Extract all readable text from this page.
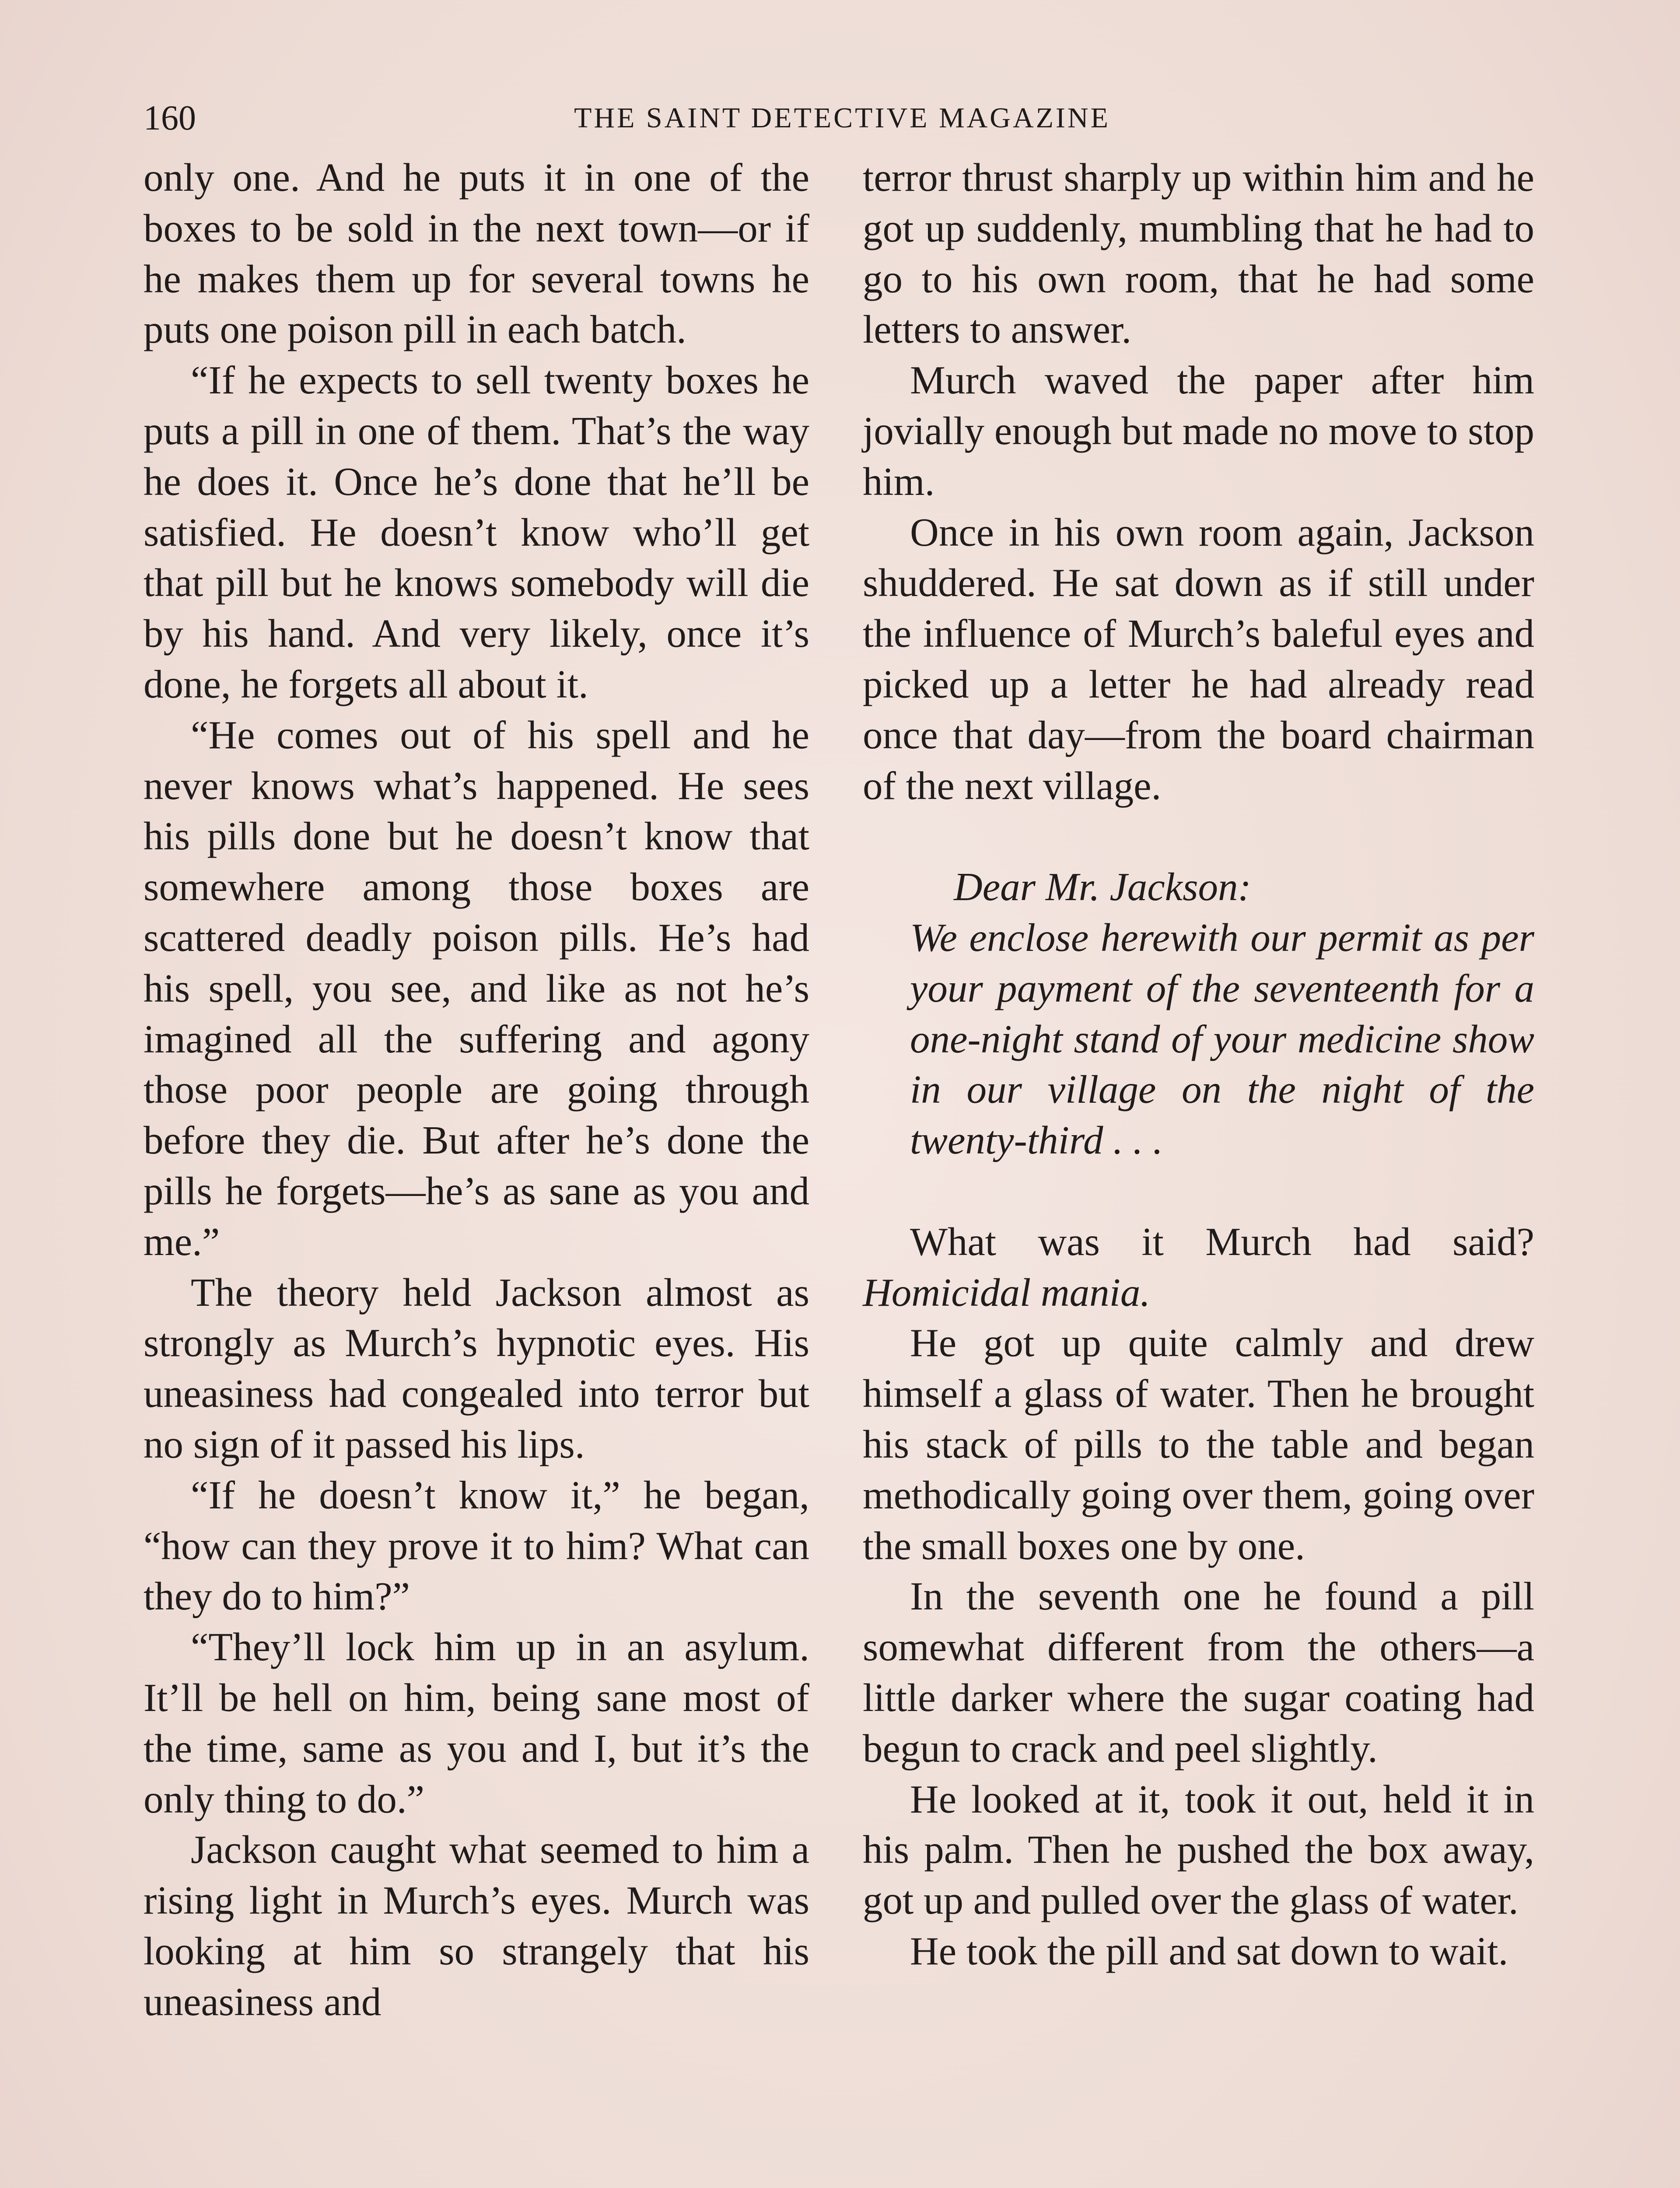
160	THE SAINT DETECTIVE MAGAZINE

only one. And he puts it in one of the boxes to be sold in the next town—or if he makes them up for several towns he puts one poison pill in each batch.

“If he expects to sell twenty boxes he puts a pill in one of them. That’s the way he does it. Once he’s done that he’ll be satisfied. He doesn’t know who’ll get that pill but he knows somebody will die by his hand. And very likely, once it’s done, he forgets all about it.

“He comes out of his spell and he never knows what’s happened. He sees his pills done but he doesn’t know that somewhere among those boxes are scattered deadly poison pills. He’s had his spell, you see, and like as not he’s imagined all the suffering and agony those poor people are going through before they die. But after he’s done the pills he forgets—he’s as sane as you and me.”

The theory held Jackson almost as strongly as Murch’s hypnotic eyes. His uneasiness had congealed into terror but no sign of it passed his lips.

“If he doesn’t know it,” he began, “how can they prove it to him? What can they do to him?”

“They’ll lock him up in an asylum. It’ll be hell on him, being sane most of the time, same as you and I, but it’s the only thing to do.”

Jackson caught what seemed to him a rising light in Murch’s eyes. Murch was looking at him so strangely that his uneasiness and

terror thrust sharply up within him and he got up suddenly, mumbling that he had to go to his own room, that he had some letters to answer.

Murch waved the paper after him jovially enough but made no move to stop him.

Once in his own room again, Jackson shuddered. He sat down as if still under the influence of Murch’s baleful eyes and picked up a letter he had already read once that day—from the board chairman of the next village.

Dear Mr. Jackson:

We enclose herewith our permit as per your payment of the seventeenth for a one-night stand of your medicine show in our village on the night of the twenty-third . . .

What was it Murch had said? Homicidal mania.

He got up quite calmly and drew himself a glass of water. Then he brought his stack of pills to the table and began methodically going over them, going over the small boxes one by one.

In the seventh one he found a pill somewhat different from the others—a little darker where the sugar coating had begun to crack and peel slightly.

He looked at it, took it out, held it in his palm. Then he pushed the box away, got up and pulled over the glass of water.

He took the pill and sat down to wait.
